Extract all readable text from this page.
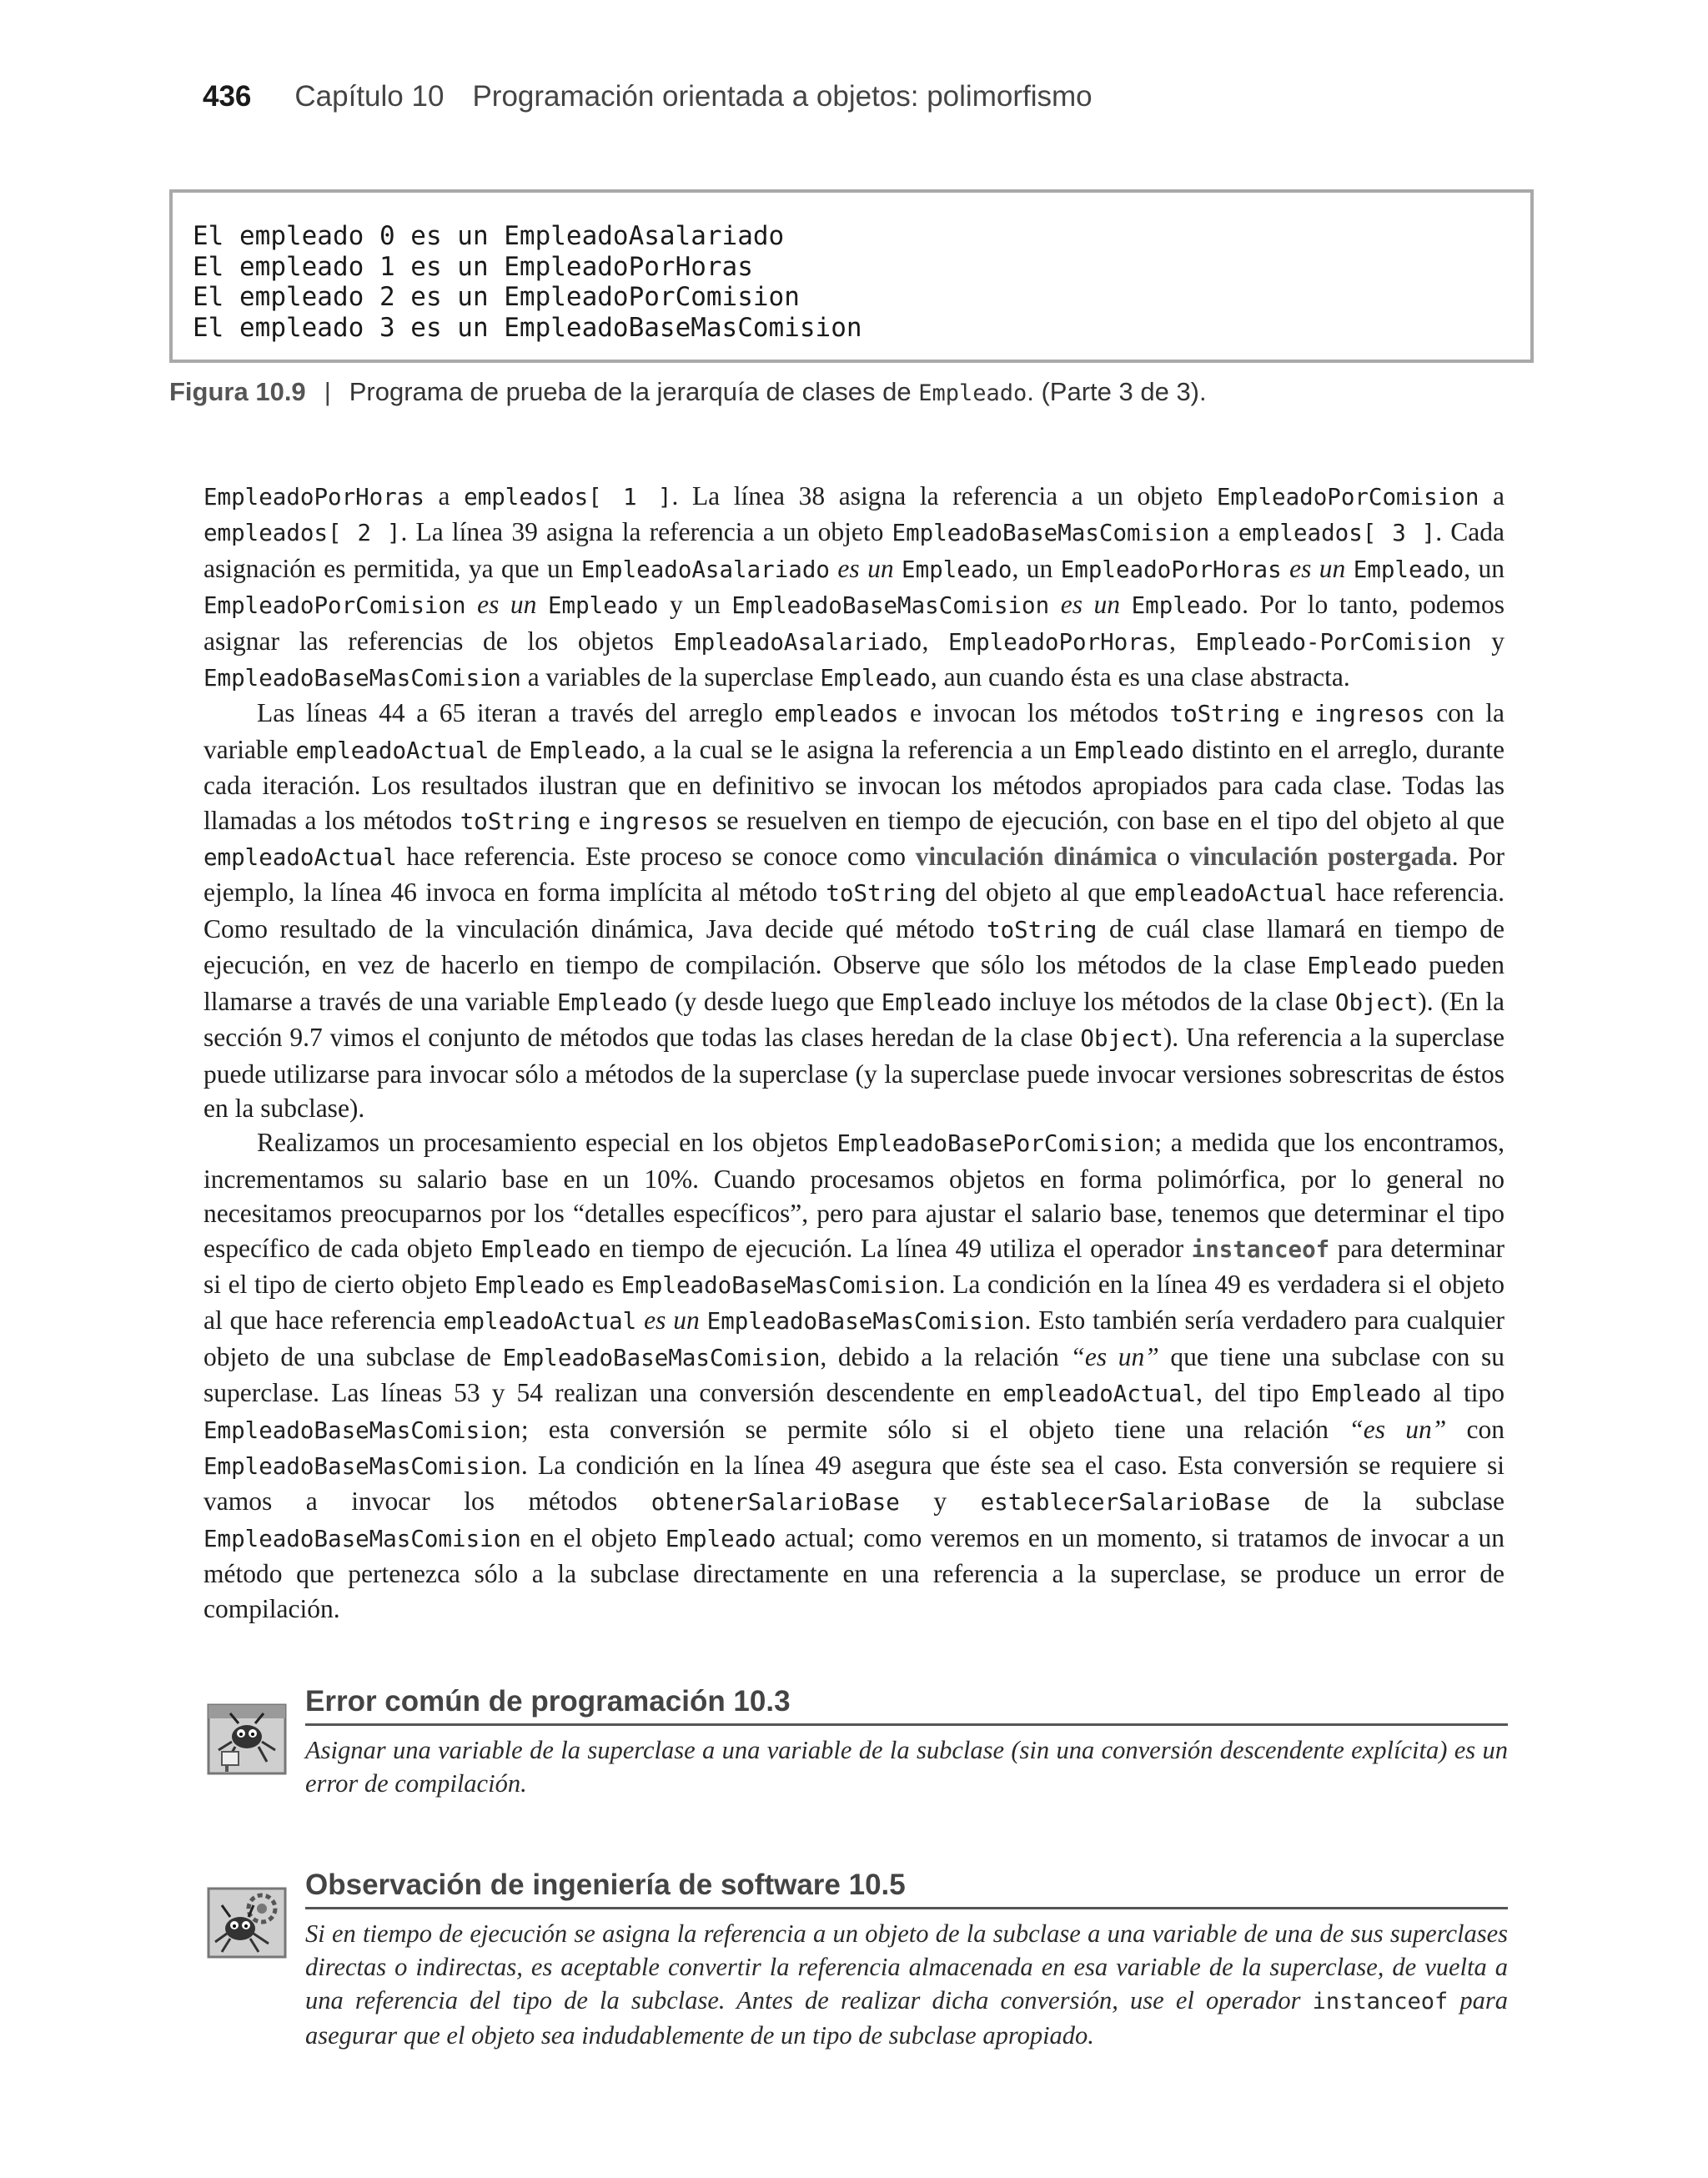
436 Capítulo 10 Programación orientada a objetos: polimorfismo
El empleado 0 es un EmpleadoAsalariado
El empleado 1 es un EmpleadoPorHoras
El empleado 2 es un EmpleadoPorComision
El empleado 3 es un EmpleadoBaseMasComision
Figura 10.9 | Programa de prueba de la jerarquía de clases de Empleado. (Parte 3 de 3).

EmpleadoPorHoras a empleados[ 1 ]. La línea 38 asigna la referencia a un objeto EmpleadoPorComision a empleados[ 2 ]. La línea 39 asigna la referencia a un objeto EmpleadoBaseMasComision a empleados[ 3 ]. Cada asignación es permitida, ya que un EmpleadoAsalariado es un Empleado, un EmpleadoPorHoras es un Empleado, un EmpleadoPorComision es un Empleado y un EmpleadoBaseMasComision es un Empleado. Por lo tanto, podemos asignar las referencias de los objetos EmpleadoAsalariado, EmpleadoPorHoras, Empleado-PorComision y EmpleadoBaseMasComision a variables de la superclase Empleado, aun cuando ésta es una clase abstracta.

Las líneas 44 a 65 iteran a través del arreglo empleados e invocan los métodos toString e ingresos con la variable empleadoActual de Empleado, a la cual se le asigna la referencia a un Empleado distinto en el arreglo, durante cada iteración. Los resultados ilustran que en definitivo se invocan los métodos apropiados para cada clase. Todas las llamadas a los métodos toString e ingresos se resuelven en tiempo de ejecución, con base en el tipo del objeto al que empleadoActual hace referencia. Este proceso se conoce como vinculación dinámica o vinculación postergada. Por ejemplo, la línea 46 invoca en forma implícita al método toString del objeto al que empleadoActual hace referencia. Como resultado de la vinculación dinámica, Java decide qué método toString de cuál clase llamará en tiempo de ejecución, en vez de hacerlo en tiempo de compilación. Observe que sólo los métodos de la clase Empleado pueden llamarse a través de una variable Empleado (y desde luego que Empleado incluye los métodos de la clase Object). (En la sección 9.7 vimos el conjunto de métodos que todas las clases heredan de la clase Object). Una referencia a la superclase puede utilizarse para invocar sólo a métodos de la superclase (y la superclase puede invocar versiones sobrescritas de éstos en la subclase).

Realizamos un procesamiento especial en los objetos EmpleadoBasePorComision; a medida que los encontramos, incrementamos su salario base en un 10%. Cuando procesamos objetos en forma polimórfica, por lo general no necesitamos preocuparnos por los “detalles específicos”, pero para ajustar el salario base, tenemos que determinar el tipo específico de cada objeto Empleado en tiempo de ejecución. La línea 49 utiliza el operador instanceof para determinar si el tipo de cierto objeto Empleado es EmpleadoBaseMasComision. La condición en la línea 49 es verdadera si el objeto al que hace referencia empleadoActual es un EmpleadoBaseMasComision. Esto también sería verdadero para cualquier objeto de una subclase de EmpleadoBaseMasComision, debido a la relación “es un” que tiene una subclase con su superclase. Las líneas 53 y 54 realizan una conversión descendente en empleadoActual, del tipo Empleado al tipo EmpleadoBaseMasComision; esta conversión se permite sólo si el objeto tiene una relación “es un” con EmpleadoBaseMasComision. La condición en la línea 49 asegura que éste sea el caso. Esta conversión se requiere si vamos a invocar los métodos obtenerSalarioBase y establecerSalarioBase de la subclase EmpleadoBaseMasComision en el objeto Empleado actual; como veremos en un momento, si tratamos de invocar a un método que pertenezca sólo a la subclase directamente en una referencia a la superclase, se produce un error de compilación.

Error común de programación 10.3
Asignar una variable de la superclase a una variable de la subclase (sin una conversión descendente explícita) es un error de compilación.
Observación de ingeniería de software 10.5
Si en tiempo de ejecución se asigna la referencia a un objeto de la subclase a una variable de una de sus superclases directas o indirectas, es aceptable convertir la referencia almacenada en esa variable de la superclase, de vuelta a una referencia del tipo de la subclase. Antes de realizar dicha conversión, use el operador instanceof para asegurar que el objeto sea indudablemente de un tipo de subclase apropiado.
